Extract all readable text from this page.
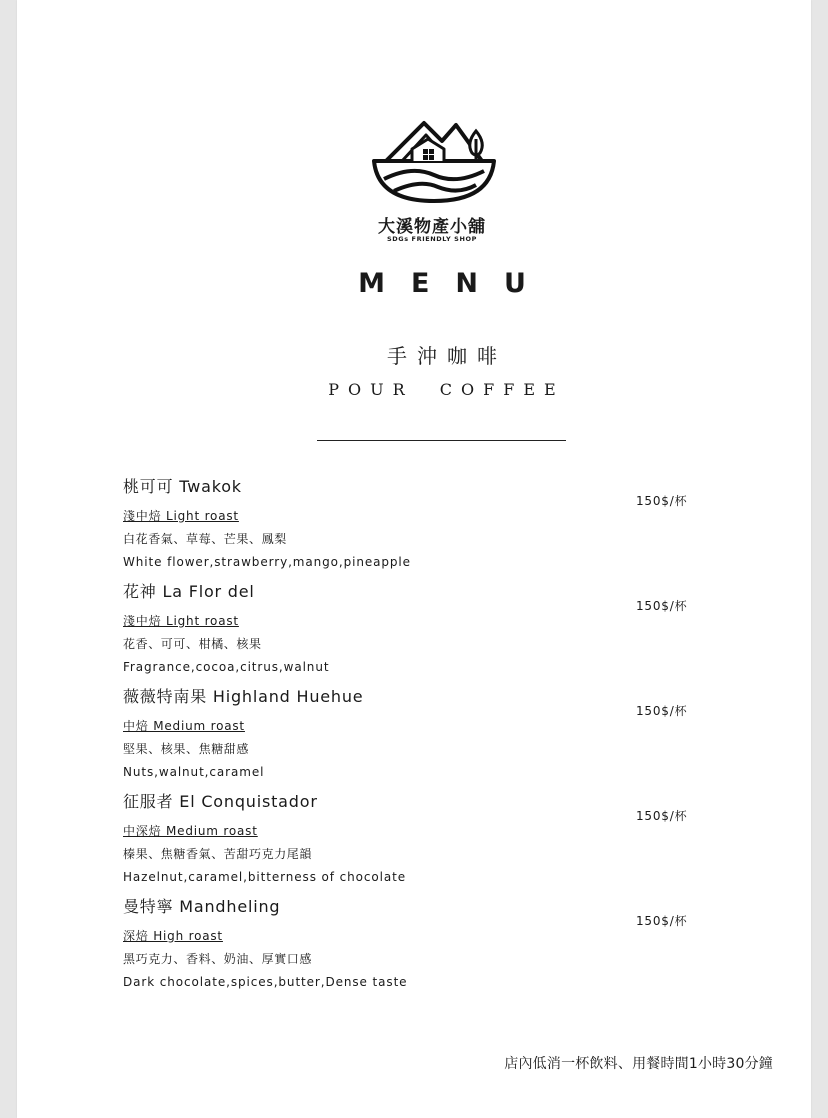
大溪物產小舖
SDGs FRIENDLY SHOP
MENU
手沖咖啡
POUR COFFEE
桃可可 Twakok
淺中焙 Light roast
白花香氣、草莓、芒果、鳳梨
White flower,strawberry,mango,pineapple
150$/杯
花神 La Flor del
淺中焙 Light roast
花香、可可、柑橘、核果
Fragrance,cocoa,citrus,walnut
150$/杯
薇薇特南果 Highland Huehue
中焙 Medium roast
堅果、核果、焦糖甜感
Nuts,walnut,caramel
150$/杯
征服者 El Conquistador
中深焙 Medium roast
榛果、焦糖香氣、苦甜巧克力尾韻
Hazelnut,caramel,bitterness of chocolate
150$/杯
曼特寧 Mandheling
深焙 High roast
黑巧克力、香料、奶油、厚實口感
Dark chocolate,spices,butter,Dense taste
150$/杯
店內低消一杯飲料、用餐時間1小時30分鐘
